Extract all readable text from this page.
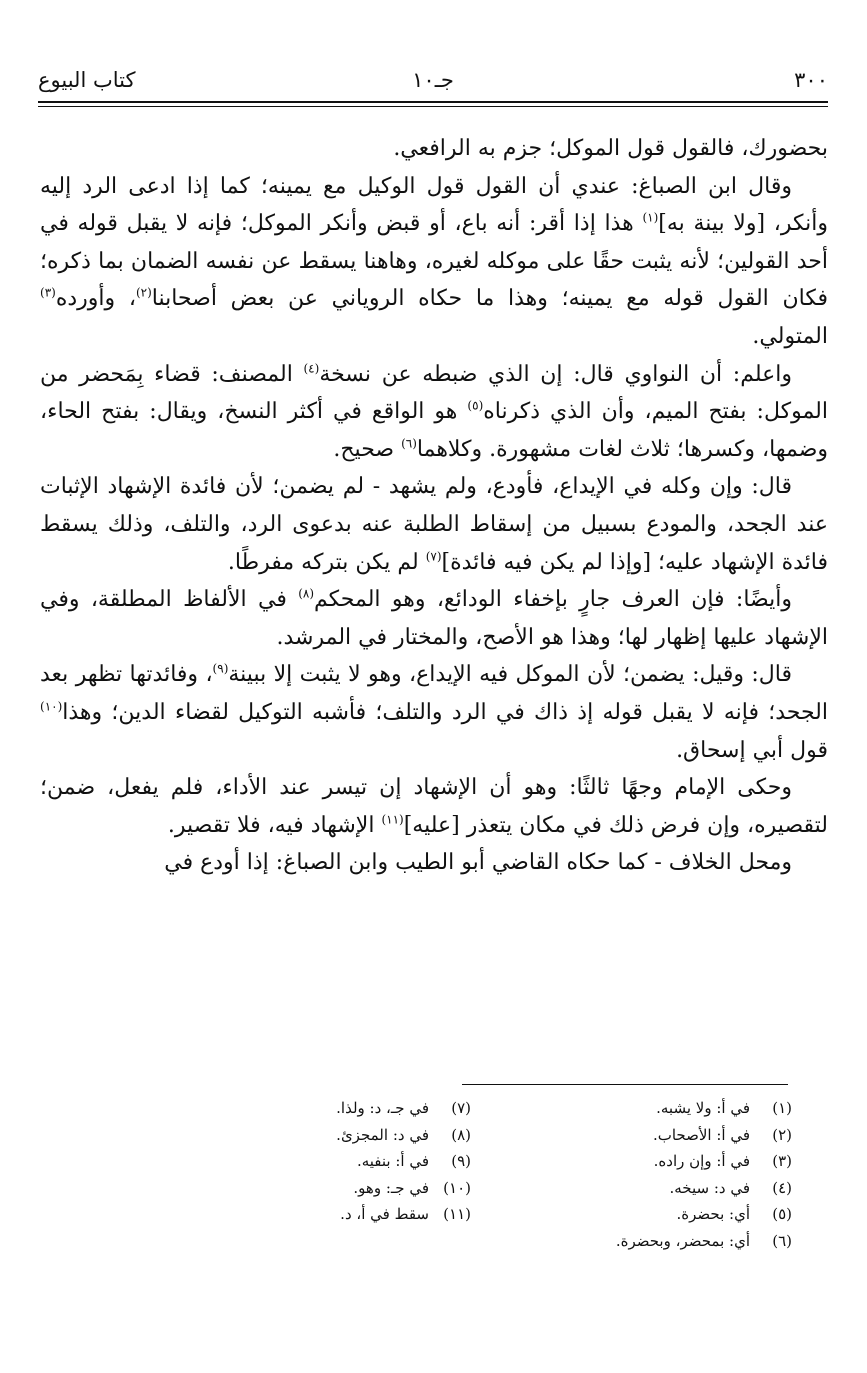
٣٠٠
جـ١٠
كتاب البيوع

بحضورك، فالقول قول الموكل؛ جزم به الرافعي.

وقال ابن الصباغ: عندي أن القول قول الوكيل مع يمينه؛ كما إذا ادعى الرد إليه وأنكر، [ولا بينة به]$^{(١)}$ هذا إذا أقر: أنه باع، أو قبض وأنكر الموكل؛ فإنه لا يقبل قوله في أحد القولين؛ لأنه يثبت حقًا على موكله لغيره، وهاهنا يسقط عن نفسه الضمان بما ذكره؛ فكان القول قوله مع يمينه؛ وهذا ما حكاه الروياني عن بعض أصحابنا$^{(٢)}$، وأورده$^{(٣)}$ المتولي.

واعلم: أن النواوي قال: إن الذي ضبطه عن نسخة$^{(٤)}$ المصنف: قضاء بِمَحضر من الموكل: بفتح الميم، وأن الذي ذكرناه$^{(٥)}$ هو الواقع في أكثر النسخ، ويقال: بفتح الحاء، وضمها، وكسرها؛ ثلاث لغات مشهورة. وكلاهما$^{(٦)}$ صحيح.

قال: وإن وكله في الإيداع، فأودع، ولم يشهد - لم يضمن؛ لأن فائدة الإشهاد الإثبات عند الجحد، والمودع بسبيل من إسقاط الطلبة عنه بدعوى الرد، والتلف، وذلك يسقط فائدة الإشهاد عليه؛ [وإذا لم يكن فيه فائدة]$^{(٧)}$ لم يكن بتركه مفرطًا.

وأيضًا: فإن العرف جارٍ بإخفاء الودائع، وهو المحكم$^{(٨)}$ في الألفاظ المطلقة، وفي الإشهاد عليها إظهار لها؛ وهذا هو الأصح، والمختار في المرشد.

قال: وقيل: يضمن؛ لأن الموكل فيه الإيداع، وهو لا يثبت إلا ببينة$^{(٩)}$، وفائدتها تظهر بعد الجحد؛ فإنه لا يقبل قوله إذ ذاك في الرد والتلف؛ فأشبه التوكيل لقضاء الدين؛ وهذا$^{(١٠)}$ قول أبي إسحاق.

وحكى الإمام وجهًا ثالثًا: وهو أن الإشهاد إن تيسر عند الأداء، فلم يفعل، ضمن؛ لتقصيره، وإن فرض ذلك في مكان يتعذر [عليه]$^{(١١)}$ الإشهاد فيه، فلا تقصير.

ومحل الخلاف - كما حكاه القاضي أبو الطيب وابن الصباغ: إذا أودع في

(١)في أ: ولا يشبه.
(٢)في أ: الأصحاب.
(٣)في أ: وإن راده.
(٤)في د: سيخه.
(٥)أي: بحضرة.
(٦)أي: بمحضر، وبحضرة.
(٧)في جـ، د: ولذا.
(٨)في د: المجزئ.
(٩)في أ: بنفيه.
(١٠)في جـ: وهو.
(١١)سقط في أ، د.
